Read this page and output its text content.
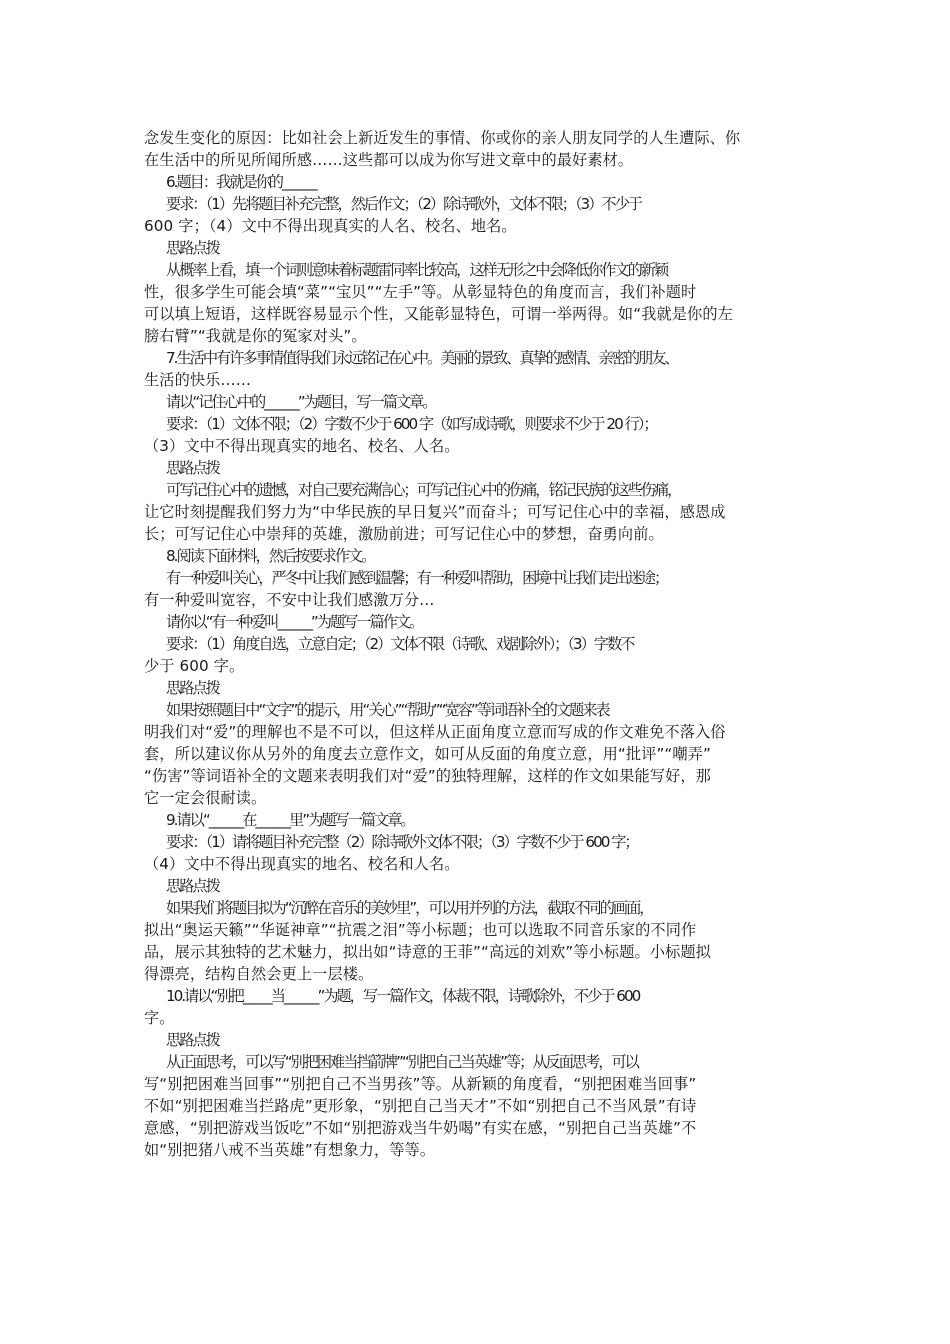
念发生变化的原因：比如社会上新近发生的事情、你或你的亲人朋友同学的人生遭际、你
在生活中的所见所闻所感……这些都可以成为你写进文章中的最好素材。
6.题目：我就是你的______
要求：（1）先将题目补充完整，然后作文；（2）除诗歌外，文体不限；（3）不少于
600 字；（4）文中不得出现真实的人名、校名、地名。
思路点拨
从概率上看，填一个词则意味着标题雷同率比较高，这样无形之中会降低你作文的新颖
性，很多学生可能会填“菜”“宝贝”“左手”等。从彰显特色的角度而言，我们补题时
可以填上短语，这样既容易显示个性，又能彰显特色，可谓一举两得。如“我就是你的左
膀右臂”“我就是你的冤家对头”。
7.生活中有许多事情值得我们永远铭记在心中。美丽的景致、真挚的感情、亲密的朋友、
生活的快乐……
请以“记住心中的______”为题目，写一篇文章。
要求：（1）文体不限；（2）字数不少于 600 字（如写成诗歌，则要求不少于 20 行）；
（3）文中不得出现真实的地名、校名、人名。
思路点拨
可写记住心中的遗憾，对自己要充满信心；可写记住心中的伤痛，铭记民族的这些伤痛，
让它时刻提醒我们努力为“中华民族的早日复兴”而奋斗；可写记住心中的幸福，感恩成
长；可写记住心中崇拜的英雄，激励前进；可写记住心中的梦想，奋勇向前。
8.阅读下面材料，然后按要求作文。
有一种爱叫关心，严冬中让我们感到温馨；有一种爱叫帮助，困境中让我们走出迷途；
有一种爱叫宽容，不安中让我们感激万分…
请你以“有一种爱叫______”为题写一篇作文。
要求：（1）角度自选，立意自定；（2）文体不限（诗歌、戏剧除外）；（3）字数不
少于 600 字。
思路点拨
如果按照题目中“文字”的提示，用“关心”“帮助”“宽容”等词语补全的文题来表
明我们对“爱”的理解也不是不可以，但这样从正面角度立意而写成的作文难免不落入俗
套，所以建议你从另外的角度去立意作文，如可从反面的角度立意，用“批评”“嘲弄”
“伤害”等词语补全的文题来表明我们对“爱”的独特理解，这样的作文如果能写好，那
它一定会很耐读。
9.请以“______在______里”为题写一篇文章。
要求：（1）请将题目补充完整（2）除诗歌外文体不限；（3）字数不少于 600 字；
（4）文中不得出现真实的地名、校名和人名。
思路点拨
如果我们将题目拟为“沉醉在音乐的美妙里”，可以用并列的方法，截取不同的画面，
拟出“奥运天籁”“华诞神章”“抗震之泪”等小标题；也可以选取不同音乐家的不同作
品，展示其独特的艺术魅力，拟出如“诗意的王菲”“高远的刘欢”等小标题。小标题拟
得漂亮，结构自然会更上一层楼。
10.请以“别把_____当______”为题，写一篇作文，体裁不限，诗歌除外，不少于 600
字。
思路点拨
从正面思考，可以写“别把困难当挡箭牌”“别把自己当英雄”等；从反面思考，可以
写“别把困难当回事”“别把自己不当男孩”等。从新颖的角度看，“别把困难当回事”
不如“别把困难当拦路虎”更形象，“别把自己当天才”不如“别把自己不当风景”有诗
意感，“别把游戏当饭吃”不如“别把游戏当牛奶喝”有实在感，“别把自己当英雄”不
如“别把猪八戒不当英雄”有想象力，等等。
